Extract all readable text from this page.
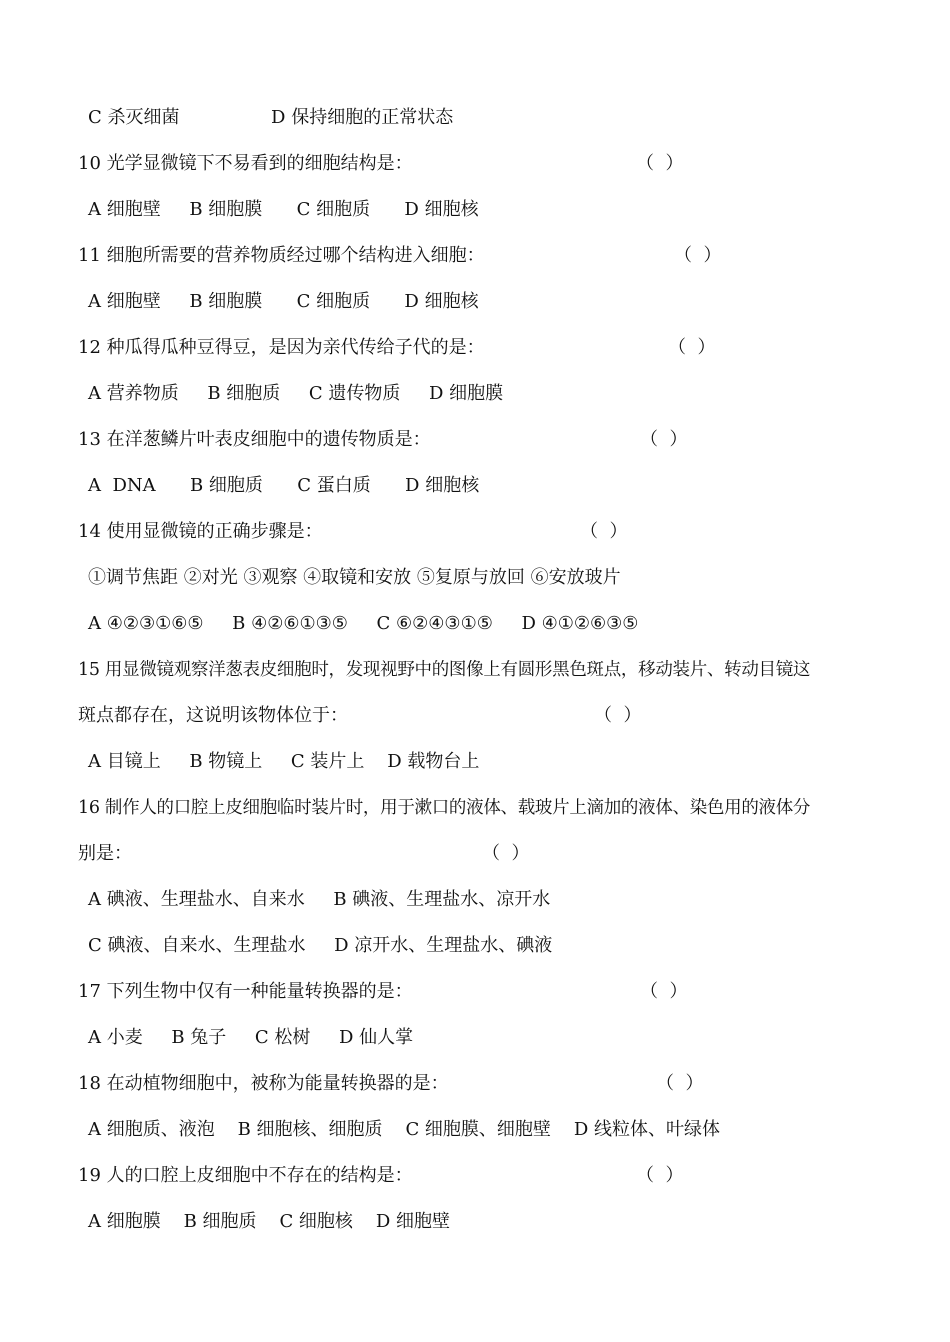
C 杀灭细菌                D 保持细胞的正常状态
10 光学显微镜下不易看到的细胞结构是：	（  ）
A 细胞壁     B 细胞膜      C 细胞质      D 细胞核
11 细胞所需要的营养物质经过哪个结构进入细胞：	（  ）
A 细胞壁     B 细胞膜      C 细胞质      D 细胞核
12 种瓜得瓜种豆得豆，是因为亲代传给子代的是：	（  ）
A 营养物质     B 细胞质     C 遗传物质     D 细胞膜
13 在洋葱鳞片叶表皮细胞中的遗传物质是：	（  ）
A  DNA      B 细胞质      C 蛋白质      D 细胞核
14 使用显微镜的正确步骤是：	（  ）
①调节焦距 ②对光 ③观察 ④取镜和安放 ⑤复原与放回 ⑥安放玻片
A ④②③①⑥⑤     B ④②⑥①③⑤     C ⑥②④③①⑤     D ④①②⑥③⑤
15 用显微镜观察洋葱表皮细胞时，发现视野中的图像上有圆形黑色斑点，移动装片、转动目镜这
斑点都存在，这说明该物体位于：	（  ）
A 目镜上     B 物镜上     C 装片上    D 载物台上
16 制作人的口腔上皮细胞临时装片时，用于漱口的液体、载玻片上滴加的液体、染色用的液体分
别是：	（  ）
A 碘液、生理盐水、自来水     B 碘液、生理盐水、凉开水
C 碘液、自来水、生理盐水     D 凉开水、生理盐水、碘液
17 下列生物中仅有一种能量转换器的是：	（  ）
A 小麦     B 兔子     C 松树     D 仙人掌
18 在动植物细胞中，被称为能量转换器的是：	（  ）
A 细胞质、液泡    B 细胞核、细胞质    C 细胞膜、细胞壁    D 线粒体、叶绿体
19 人的口腔上皮细胞中不存在的结构是：	（  ）
A 细胞膜    B 细胞质    C 细胞核    D 细胞壁
